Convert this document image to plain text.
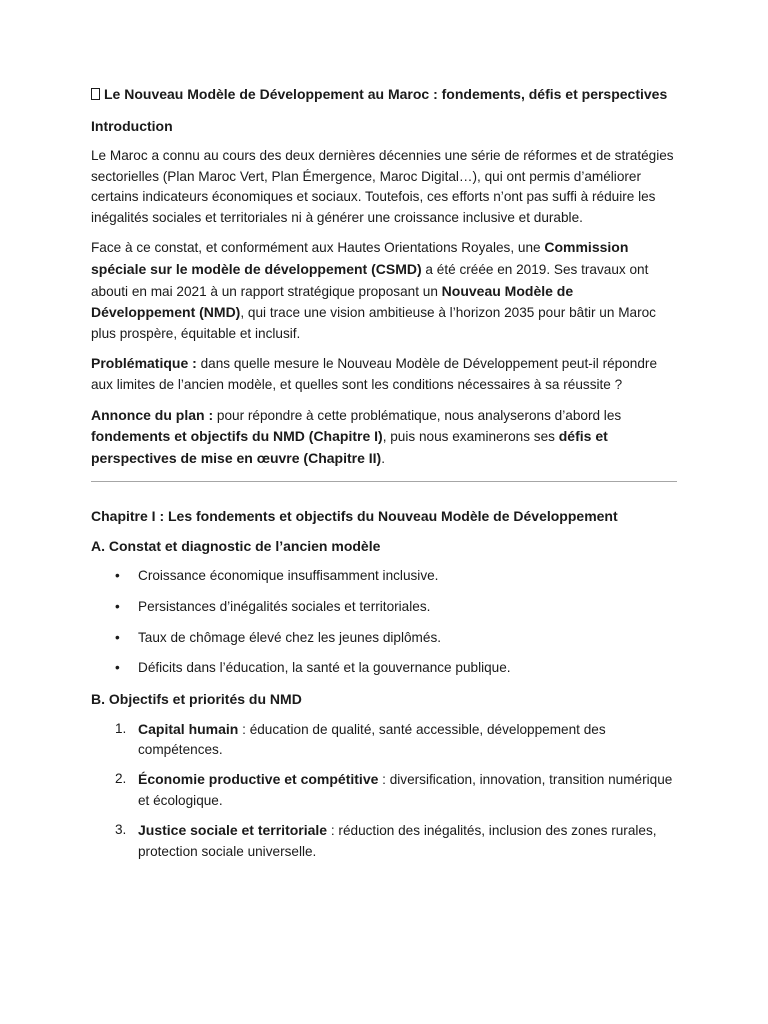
Le Nouveau Modèle de Développement au Maroc : fondements, défis et perspectives
Introduction

Le Maroc a connu au cours des deux dernières décennies une série de réformes et de stratégies sectorielles (Plan Maroc Vert, Plan Émergence, Maroc Digital…), qui ont permis d’améliorer certains indicateurs économiques et sociaux. Toutefois, ces efforts n’ont pas suffi à réduire les inégalités sociales et territoriales ni à générer une croissance inclusive et durable.

Face à ce constat, et conformément aux Hautes Orientations Royales, une Commission spéciale sur le modèle de développement (CSMD) a été créée en 2019. Ses travaux ont abouti en mai 2021 à un rapport stratégique proposant un Nouveau Modèle de Développement (NMD), qui trace une vision ambitieuse à l’horizon 2035 pour bâtir un Maroc plus prospère, équitable et inclusif.

Problématique : dans quelle mesure le Nouveau Modèle de Développement peut-il répondre aux limites de l’ancien modèle, et quelles sont les conditions nécessaires à sa réussite ?

Annonce du plan : pour répondre à cette problématique, nous analyserons d’abord les fondements et objectifs du NMD (Chapitre I), puis nous examinerons ses défis et perspectives de mise en œuvre (Chapitre II).

Chapitre I : Les fondements et objectifs du Nouveau Modèle de Développement
A. Constat et diagnostic de l’ancien modèle
• Croissance économique insuffisamment inclusive.
• Persistances d’inégalités sociales et territoriales.
• Taux de chômage élevé chez les jeunes diplômés.
• Déficits dans l’éducation, la santé et la gouvernance publique.
B. Objectifs et priorités du NMD
1. Capital humain : éducation de qualité, santé accessible, développement des compétences.
2. Économie productive et compétitive : diversification, innovation, transition numérique et écologique.
3. Justice sociale et territoriale : réduction des inégalités, inclusion des zones rurales, protection sociale universelle.
